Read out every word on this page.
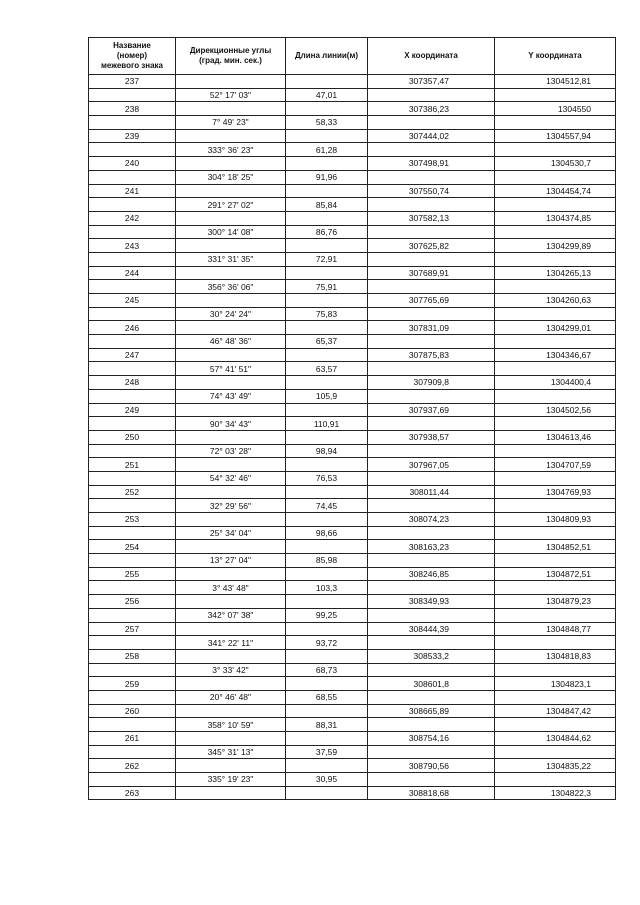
Название
(номер)
межевого знака	Дирекционные углы
(град. мин. сек.)	Длина линии(м)	X координата	Y координата
237			307357,47	1304512,81
	52° 17' 03"	47,01		
238			307386,23	1304550
	7° 49' 23"	58,33		
239			307444,02	1304557,94
	333° 36' 23"	61,28		
240			307498,91	1304530,7
	304° 18' 25"	91,96		
241			307550,74	1304454,74
	291° 27' 02"	85,84		
242			307582,13	1304374,85
	300° 14' 08"	86,76		
243			307625,82	1304299,89
	331° 31' 35"	72,91		
244			307689,91	1304265,13
	356° 36' 06"	75,91		
245			307765,69	1304260,63
	30° 24' 24"	75,83		
246			307831,09	1304299,01
	46° 48' 36"	65,37		
247			307875,83	1304346,67
	57° 41' 51"	63,57		
248			307909,8	1304400,4
	74° 43' 49"	105,9		
249			307937,69	1304502,56
	90° 34' 43"	110,91		
250			307938,57	1304613,46
	72° 03' 28"	98,94		
251			307967,05	1304707,59
	54° 32' 46"	76,53		
252			308011,44	1304769,93
	32° 29' 56"	74,45		
253			308074,23	1304809,93
	25° 34' 04"	98,66		
254			308163,23	1304852,51
	13° 27' 04"	85,98		
255			308246,85	1304872,51
	3° 43' 48"	103,3		
256			308349,93	1304879,23
	342° 07' 38"	99,25		
257			308444,39	1304848,77
	341° 22' 11"	93,72		
258			308533,2	1304818,83
	3° 33' 42"	68,73		
259			308601,8	1304823,1
	20° 46' 48"	68,55		
260			308665,89	1304847,42
	358° 10' 59"	88,31		
261			308754,16	1304844,62
	345° 31' 13"	37,59		
262			308790,56	1304835,22
	335° 19' 23"	30,95		
263			308818,68	1304822,3
